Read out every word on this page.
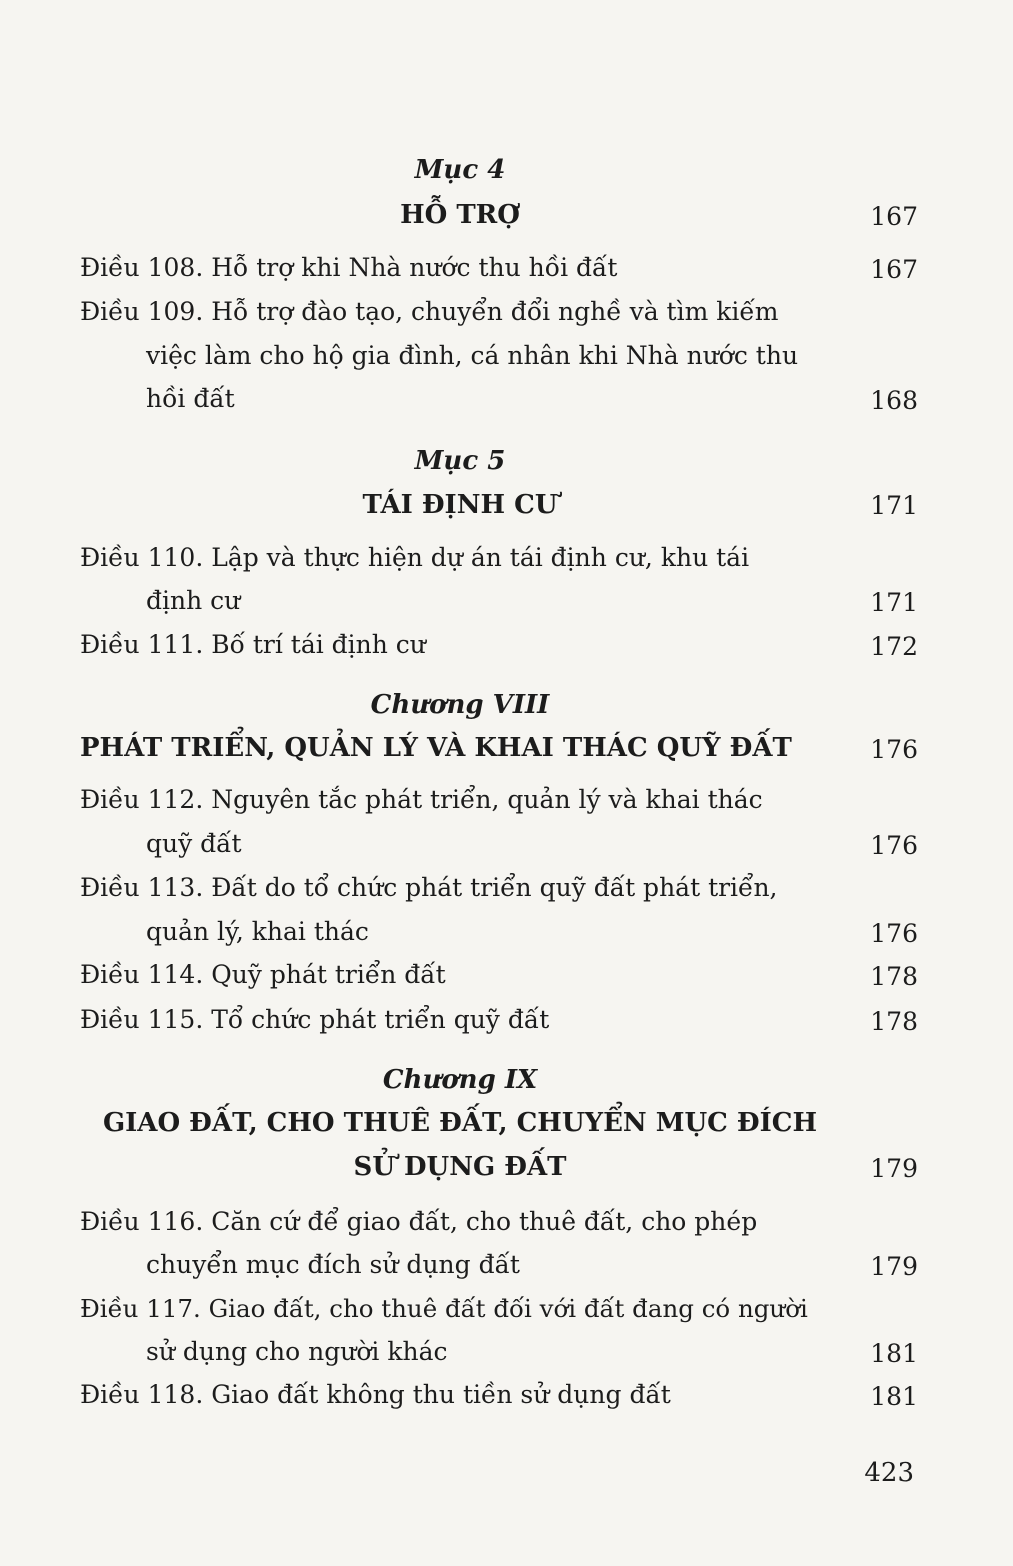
Mục 4
HỖ TRỢ	167
Điều 108. Hỗ trợ khi Nhà nước thu hồi đất	167
Điều 109. Hỗ trợ đào tạo, chuyển đổi nghề và tìm kiếm
việc làm cho hộ gia đình, cá nhân khi Nhà nước thu
hồi đất	168
Mục 5
TÁI ĐỊNH CƯ	171
Điều 110. Lập và thực hiện dự án tái định cư, khu tái
định cư	171
Điều 111. Bố trí tái định cư	172
Chương VIII
PHÁT TRIỂN, QUẢN LÝ VÀ KHAI THÁC QUỸ ĐẤT	176
Điều 112. Nguyên tắc phát triển, quản lý và khai thác
quỹ đất	176
Điều 113. Đất do tổ chức phát triển quỹ đất phát triển,
quản lý, khai thác	176
Điều 114. Quỹ phát triển đất	178
Điều 115. Tổ chức phát triển quỹ đất	178
Chương IX
GIAO ĐẤT, CHO THUÊ ĐẤT, CHUYỂN MỤC ĐÍCH
SỬ DỤNG ĐẤT	179
Điều 116. Căn cứ để giao đất, cho thuê đất, cho phép
chuyển mục đích sử dụng đất	179
Điều 117. Giao đất, cho thuê đất đối với đất đang có người
sử dụng cho người khác	181
Điều 118. Giao đất không thu tiền sử dụng đất	181
423
